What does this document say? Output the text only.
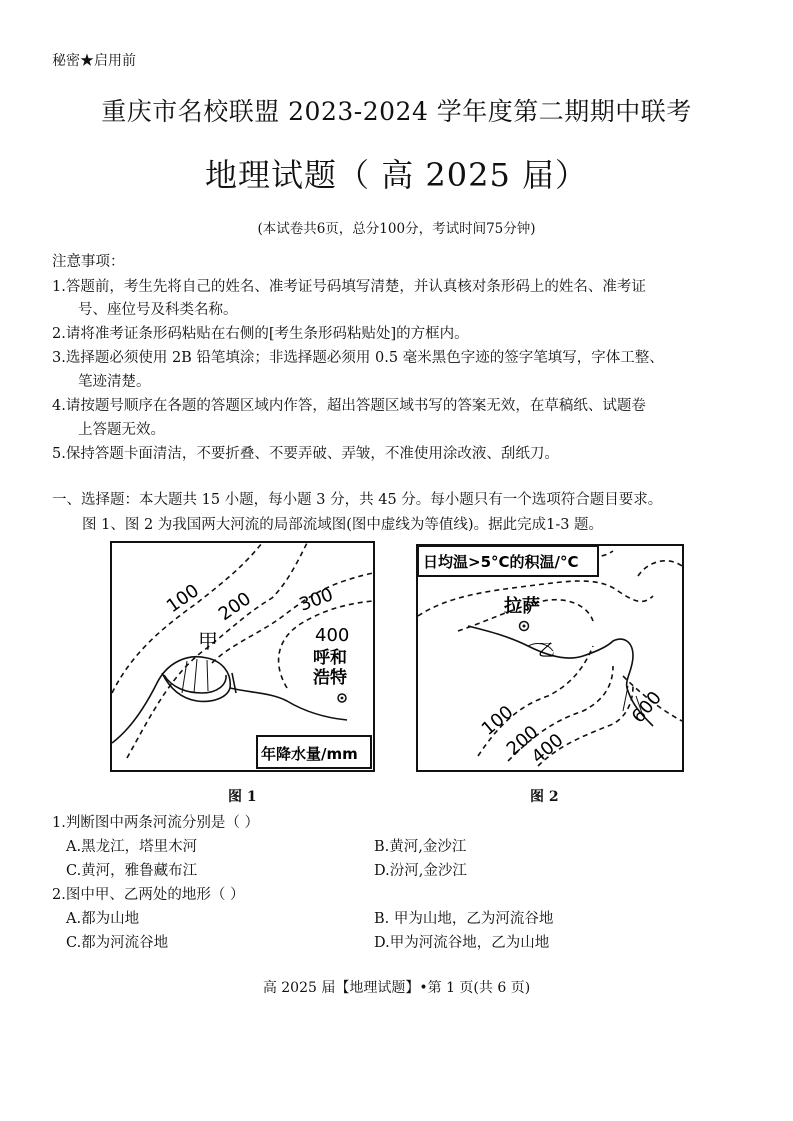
秘密★启用前
重庆市名校联盟 2023-2024 学年度第二期期中联考
地理试题（ 高 2025 届）
(本试卷共6页，总分100分，考试时间75分钟)
注意事项：
1.答题前，考生先将自己的姓名、准考证号码填写清楚，并认真核对条形码上的姓名、准考证
号、座位号及科类名称。
2.请将准考证条形码粘贴在右侧的[考生条形码粘贴处]的方框内。
3.选择题必须使用 2B 铅笔填涂；非选择题必须用 0.5 毫米黑色字迹的签字笔填写，字体工整、
笔迹清楚。
4.请按题号顺序在各题的答题区域内作答，超出答题区域书写的答案无效，在草稿纸、试题卷
上答题无效。
5.保持答题卡面清洁，不要折叠、不要弄破、弄皱，不准使用涂改液、刮纸刀。
一、选择题：本大题共 15 小题，每小题 3 分，共 45 分。每小题只有一个选项符合题目要求。
图 1、图 2 为我国两大河流的局部流域图(图中虚线为等值线)。据此完成1-3 题。
100 200 300
400
甲
呼和
浩特
年降水量/mm
图 1
日均温>5°C的积温/°C
拉萨
乙
100
200
400
600
图 2
1.判断图中两条河流分别是（ ）
A.黑龙江，塔里木河	B.黄河,金沙江
C.黄河，雅鲁藏布江	D.汾河,金沙江
2.图中甲、乙两处的地形（ ）
A.都为山地	B. 甲为山地，乙为河流谷地
C.都为河流谷地	D.甲为河流谷地，乙为山地
高 2025 届【地理试题】•第 1 页(共 6 页)
